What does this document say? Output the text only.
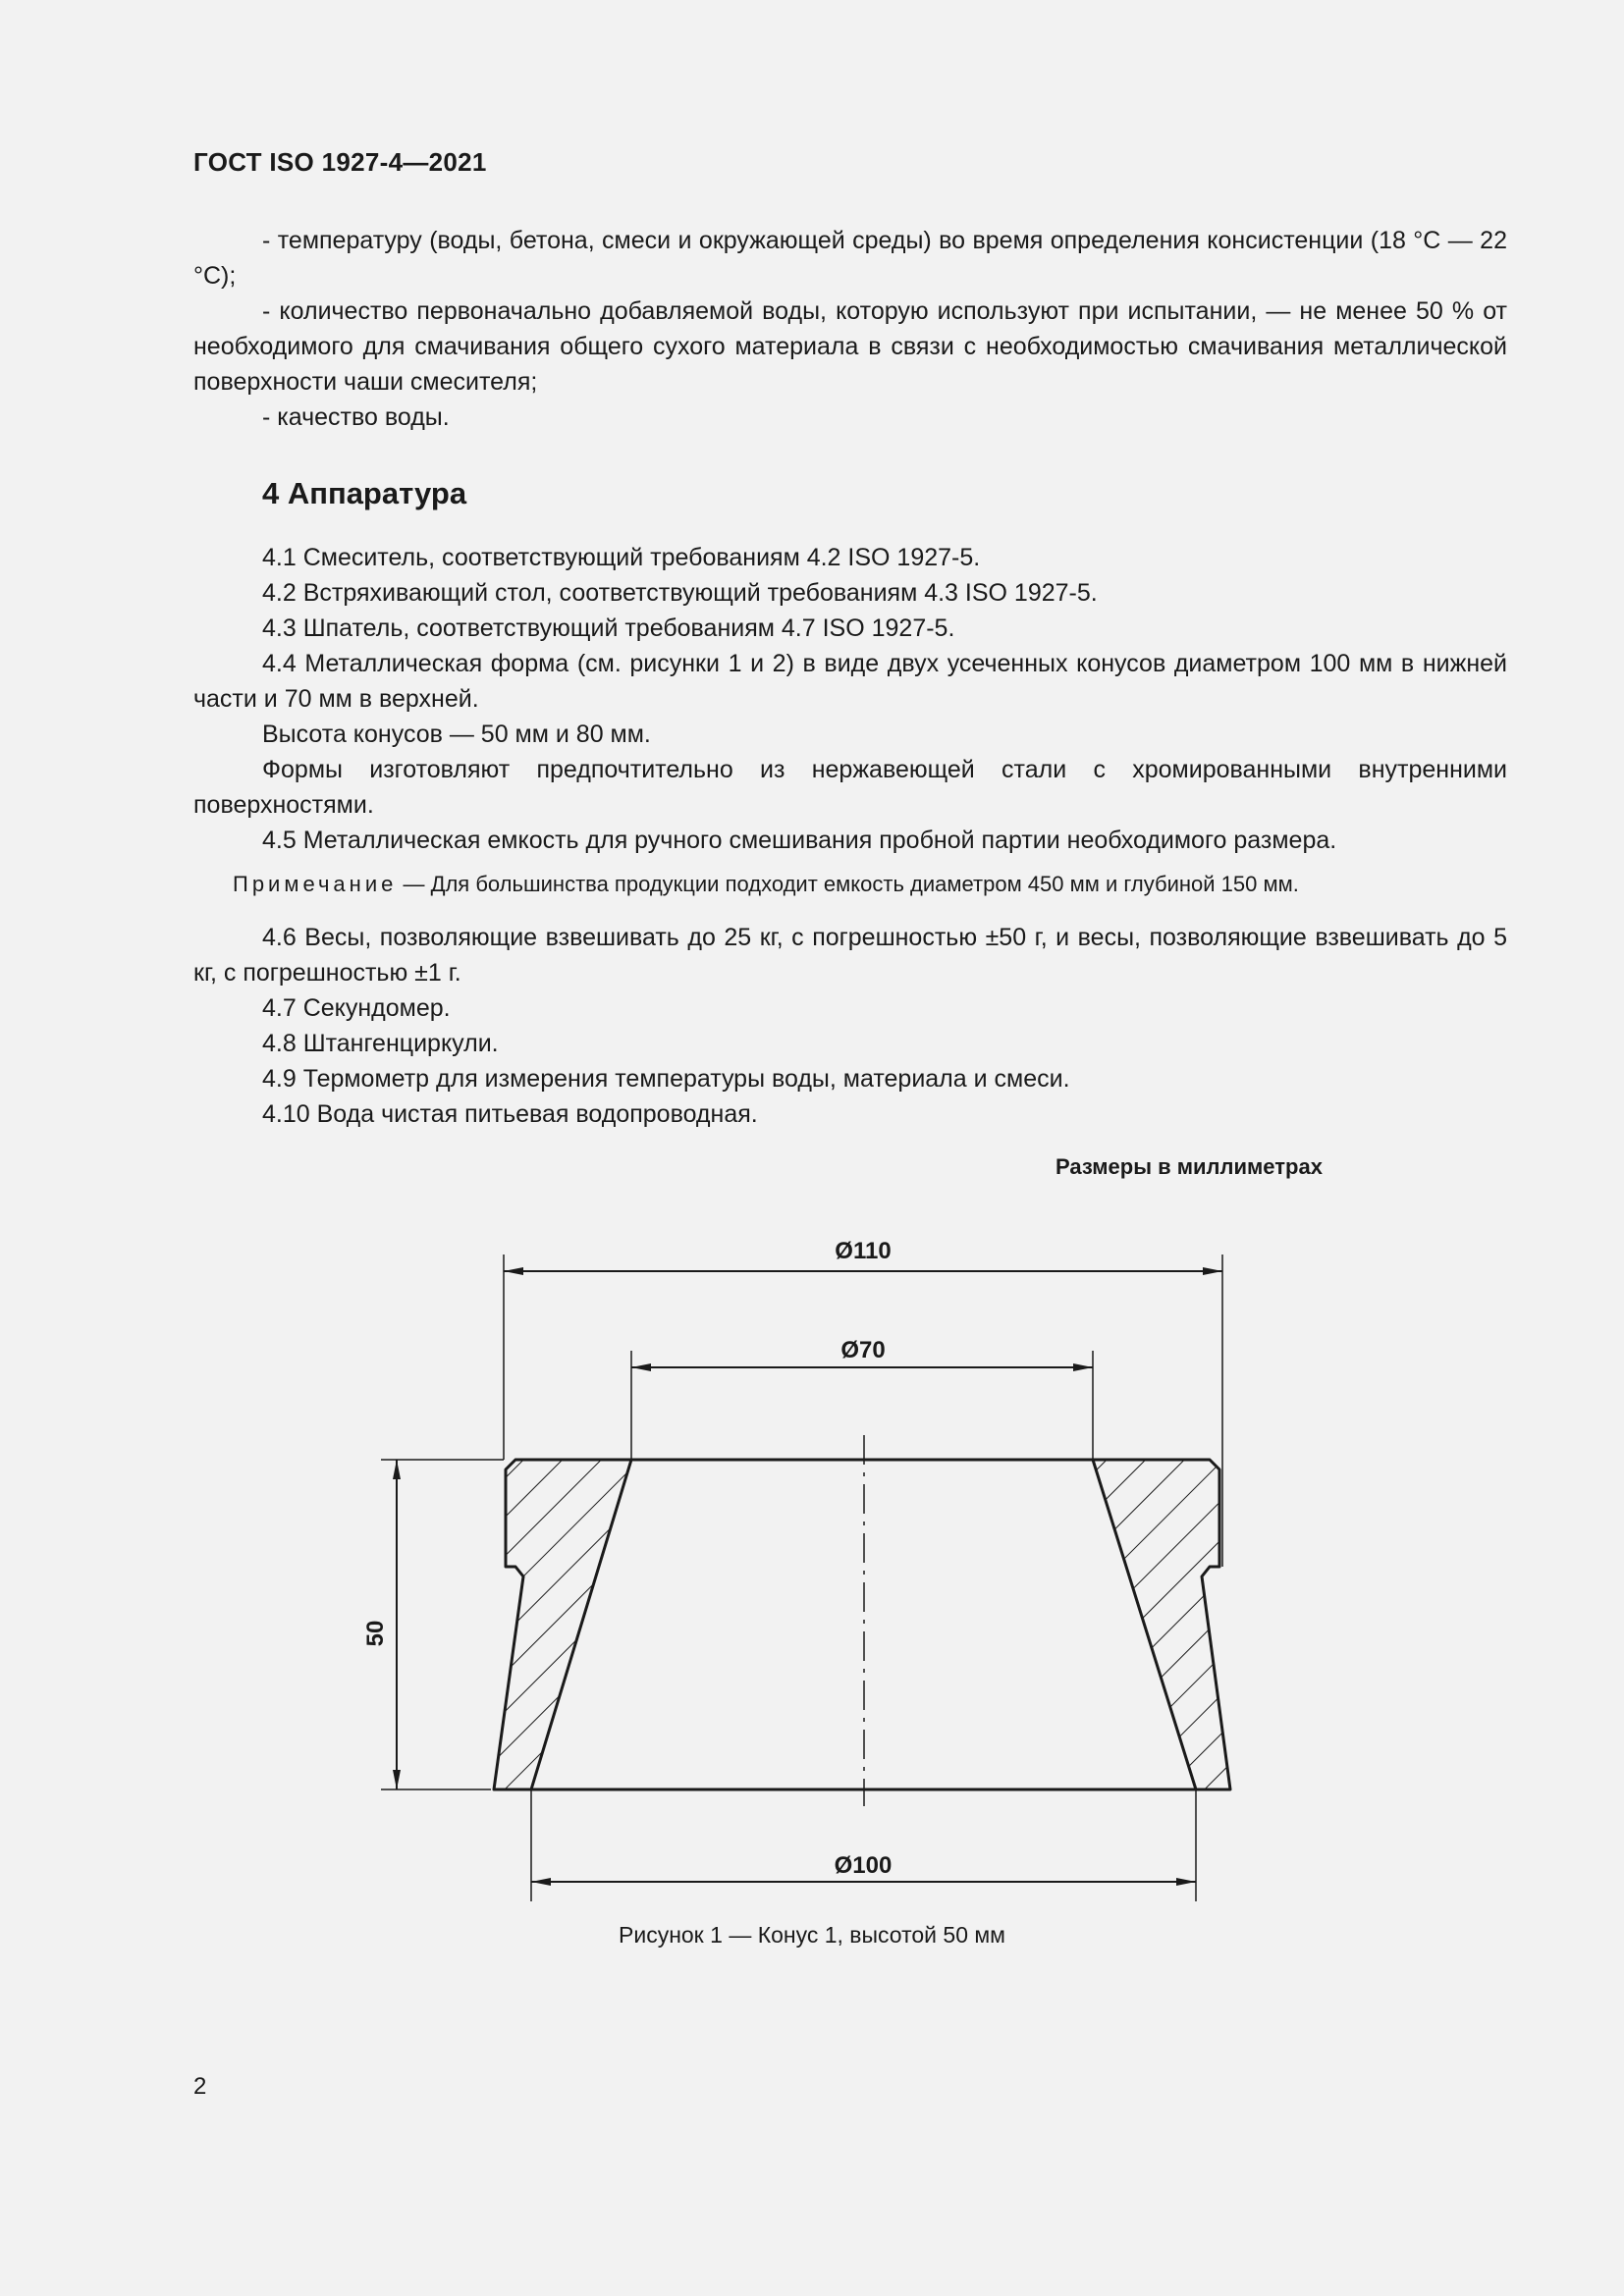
ГОСТ ISO 1927-4—2021

- температуру (воды, бетона, смеси и окружающей среды) во время определения консистенции (18 °C — 22 °C);

- количество первоначально добавляемой воды, которую используют при испытании, — не менее 50 % от необходимого для смачивания общего сухого материала в связи с необходимостью смачивания металлической поверхности чаши смесителя;

- качество воды.

4 Аппаратура

4.1 Смеситель, соответствующий требованиям 4.2 ISO 1927-5.

4.2 Встряхивающий стол, соответствующий требованиям 4.3 ISO 1927-5.

4.3 Шпатель, соответствующий требованиям 4.7 ISO 1927-5.

4.4 Металлическая форма (см. рисунки 1 и 2) в виде двух усеченных конусов диаметром 100 мм в нижней части и 70 мм в верхней.

Высота конусов — 50 мм и 80 мм.

Формы изготовляют предпочтительно из нержавеющей стали с хромированными внутренними поверхностями.

4.5 Металлическая емкость для ручного смешивания пробной партии необходимого размера.

Примечание — Для большинства продукции подходит емкость диаметром 450 мм и глубиной 150 мм.

4.6 Весы, позволяющие взвешивать до 25 кг, с погрешностью ±50 г, и весы, позволяющие взвешивать до 5 кг, с погрешностью ±1 г.

4.7 Секундомер.

4.8 Штангенциркули.

4.9 Термометр для измерения температуры воды, материала и смеси.

4.10 Вода чистая питьевая водопроводная.

Размеры в миллиметрах
Ø110
Ø70
Ø100
50
Рисунок 1 — Конус 1, высотой 50 мм
2
